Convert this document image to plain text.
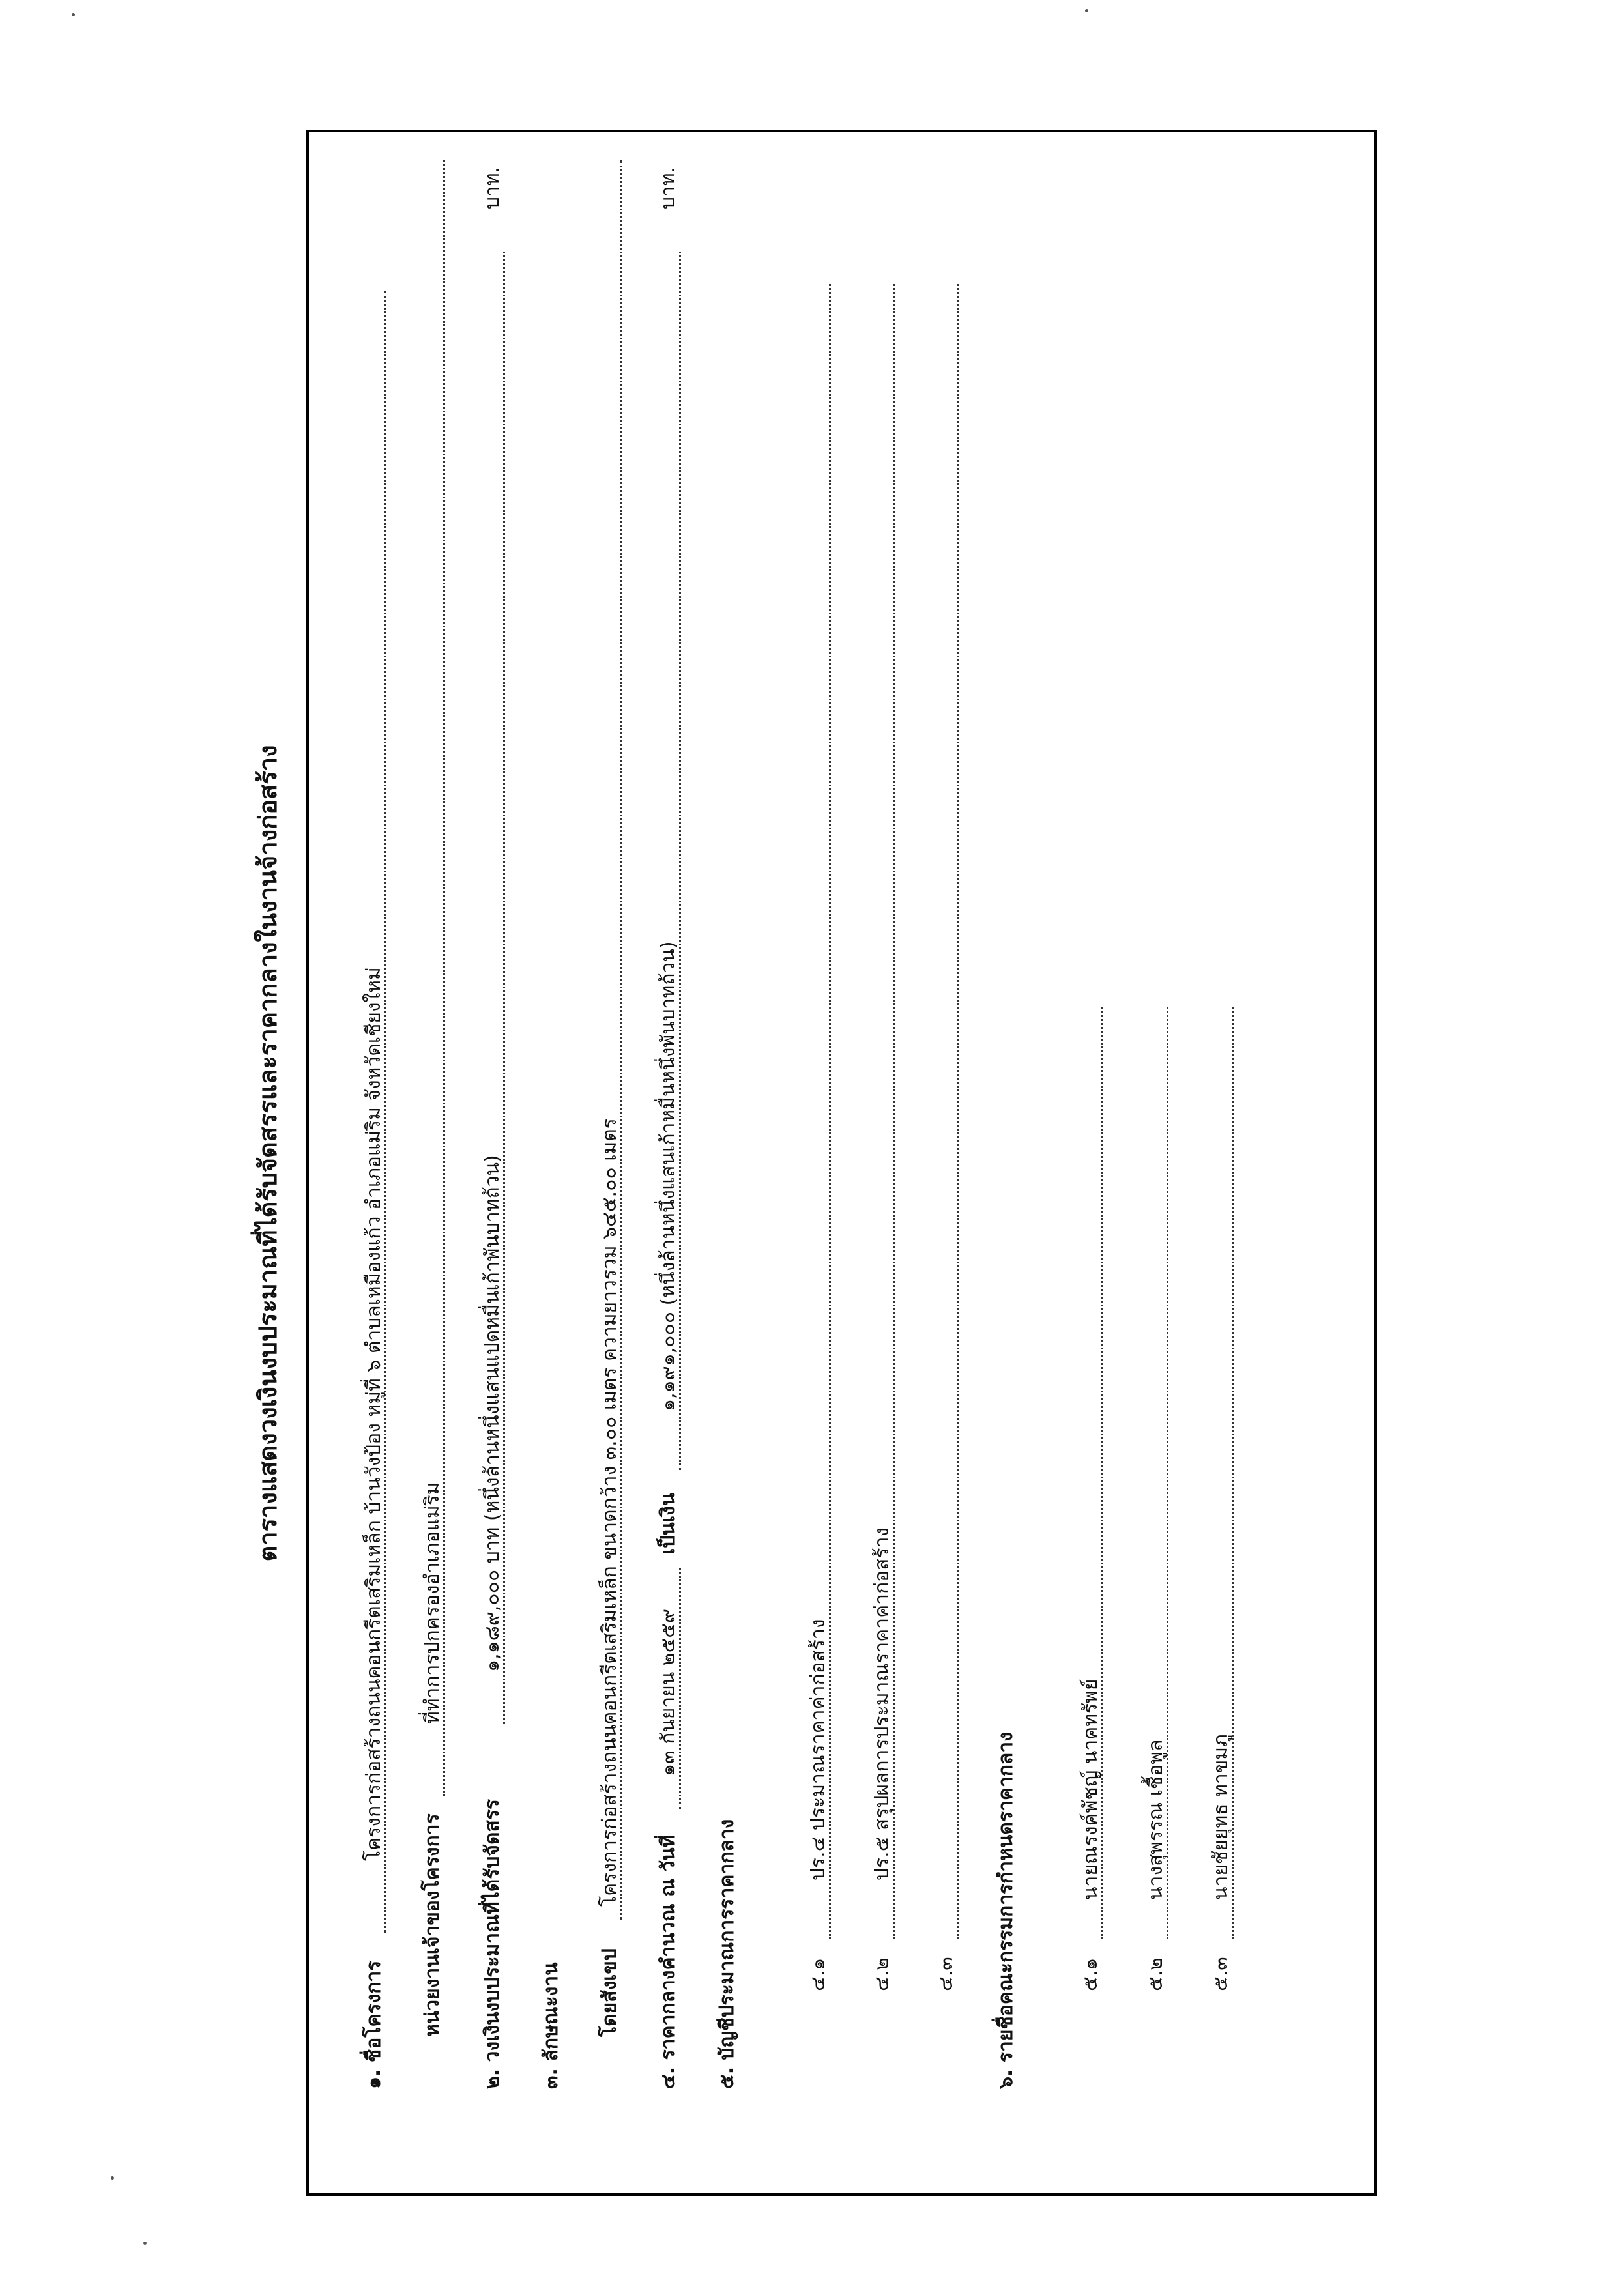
ตารางแสดงวงเงินงบประมาณที่ได้รับจัดสรรและราคากลางในงานจ้างก่อสร้าง
๑. ชื่อโครงการ
โครงการก่อสร้างถนนคอนกรีตเสริมเหล็ก บ้านวังป้อง หมู่ที่ ๖ ตำบลเหมืองแก้ว อำเภอแม่ริม จังหวัดเชียงใหม่
หน่วยงานเจ้าของโครงการ
ที่ทำการปกครองอำเภอแม่ริม
๒. วงเงินงบประมาณที่ได้รับจัดสรร
๑,๑๘๙,๐๐๐ บาท (หนึ่งล้านหนึ่งแสนแปดหมื่นเก้าพันบาทถ้วน)
บาท.
๓. ลักษณะงาน โดยสังเขป
โครงการก่อสร้างถนนคอนกรีตเสริมเหล็ก ขนาดกว้าง ๓.๐๐ เมตร ความยาวรวม ๖๔๕.๐๐ เมตร
๔. ราคากลางคำนวณ ณ วันที่
๑๓ กันยายน ๒๕๕๙
เป็นเงิน
๑,๑๙๑,๐๐๐ (หนึ่งล้านหนึ่งแสนเก้าหมื่นหนึ่งพันบาทถ้วน)
บาท.
๕. บัญชีประมาณการราคากลาง	๔.๑
ปร.๔ ประมาณราคาค่าก่อสร้าง
๔.๒
ปร.๕ สรุปผลการประมาณราคาค่าก่อสร้าง
๔.๓ ๖. รายชื่อคณะกรรมการกำหนดราคากลาง	๕.๑
นายณรงค์พัชญ์ นาคทรัพย์
๕.๒
นางสุพรรณ เชื้อพูล
๕.๓
นายชัยยุทธ ทาขมภู
